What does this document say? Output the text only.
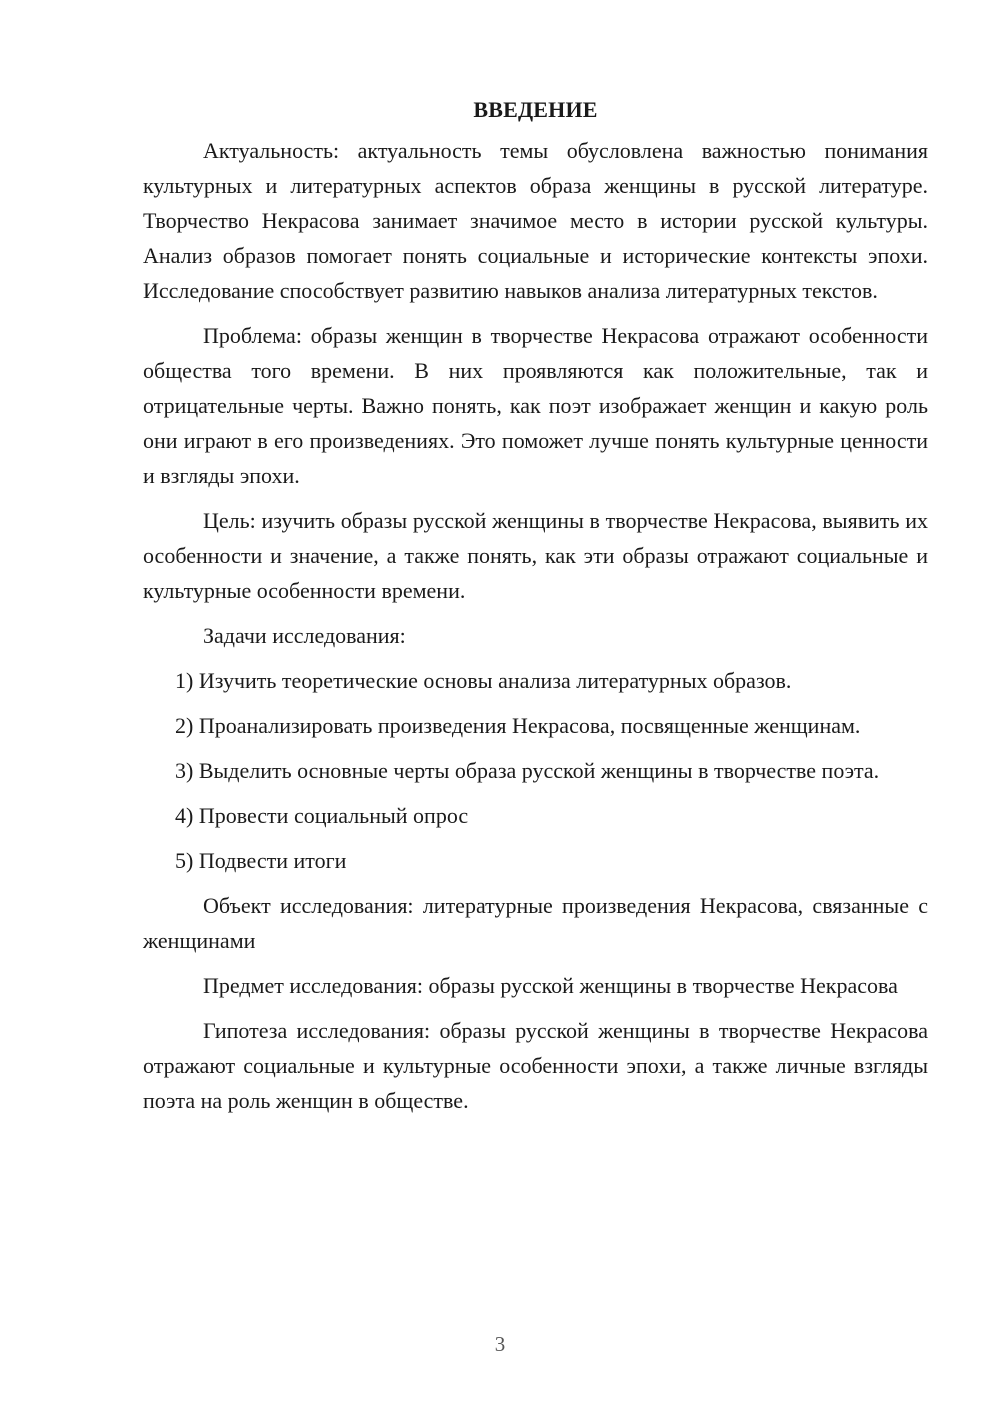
ВВЕДЕНИЕ

Актуальность: актуальность темы обусловлена важностью понимания культурных и литературных аспектов образа женщины в русской литературе. Творчество Некрасова занимает значимое место в истории русской культуры. Анализ образов помогает понять социальные и исторические контексты эпохи. Исследование способствует развитию навыков анализа литературных текстов.

Проблема: образы женщин в творчестве Некрасова отражают особенности общества того времени. В них проявляются как положительные, так и отрицательные черты. Важно понять, как поэт изображает женщин и какую роль они играют в его произведениях. Это поможет лучше понять культурные ценности и взгляды эпохи.

Цель: изучить образы русской женщины в творчестве Некрасова, выявить их особенности и значение, а также понять, как эти образы отражают социальные и культурные особенности времени.

Задачи исследования:

1) Изучить теоретические основы анализа литературных образов.

2) Проанализировать произведения Некрасова, посвященные женщинам.

3) Выделить основные черты образа русской женщины в творчестве поэта.

4) Провести социальный опрос

5) Подвести итоги

Объект исследования: литературные произведения Некрасова, связанные с женщинами

Предмет исследования: образы русской женщины в творчестве Некрасова

Гипотеза исследования: образы русской женщины в творчестве Некрасова отражают социальные и культурные особенности эпохи, а также личные взгляды поэта на роль женщин в обществе.

3
